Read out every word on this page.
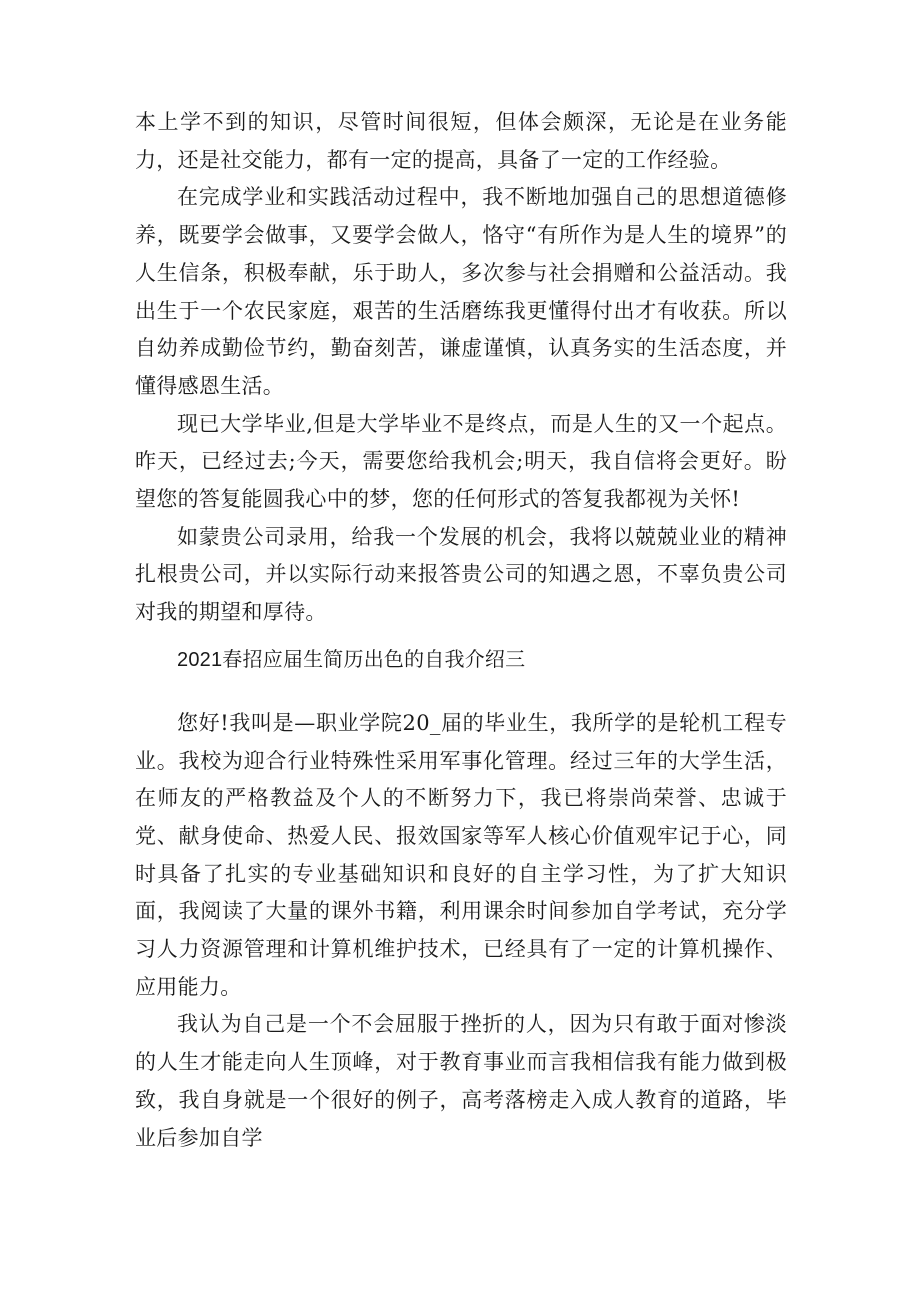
本上学不到的知识，尽管时间很短，但体会颇深，无论是在业务能力，还是社交能力，都有一定的提高，具备了一定的工作经验。

在完成学业和实践活动过程中，我不断地加强自己的思想道德修养，既要学会做事，又要学会做人，恪守“有所作为是人生的境界”的人生信条，积极奉献，乐于助人，多次参与社会捐赠和公益活动。我出生于一个农民家庭，艰苦的生活磨练我更懂得付出才有收获。所以自幼养成勤俭节约，勤奋刻苦，谦虚谨慎，认真务实的生活态度，并懂得感恩生活。

现已大学毕业,但是大学毕业不是终点，而是人生的又一个起点。昨天，已经过去;今天，需要您给我机会;明天，我自信将会更好。盼望您的答复能圆我心中的梦，您的任何形式的答复我都视为关怀!

如蒙贵公司录用，给我一个发展的机会，我将以兢兢业业的精神扎根贵公司，并以实际行动来报答贵公司的知遇之恩，不辜负贵公司对我的期望和厚待。

2021春招应届生简历出色的自我介绍三

您好!我叫是—职业学院20_届的毕业生，我所学的是轮机工程专业。我校为迎合行业特殊性采用军事化管理。经过三年的大学生活，在师友的严格教益及个人的不断努力下，我已将崇尚荣誉、忠诚于党、献身使命、热爱人民、报效国家等军人核心价值观牢记于心，同时具备了扎实的专业基础知识和良好的自主学习性，为了扩大知识面，我阅读了大量的课外书籍，利用课余时间参加自学考试，充分学习人力资源管理和计算机维护技术，已经具有了一定的计算机操作、应用能力。

我认为自己是一个不会屈服于挫折的人，因为只有敢于面对惨淡的人生才能走向人生顶峰，对于教育事业而言我相信我有能力做到极致，我自身就是一个很好的例子，高考落榜走入成人教育的道路，毕业后参加自学
